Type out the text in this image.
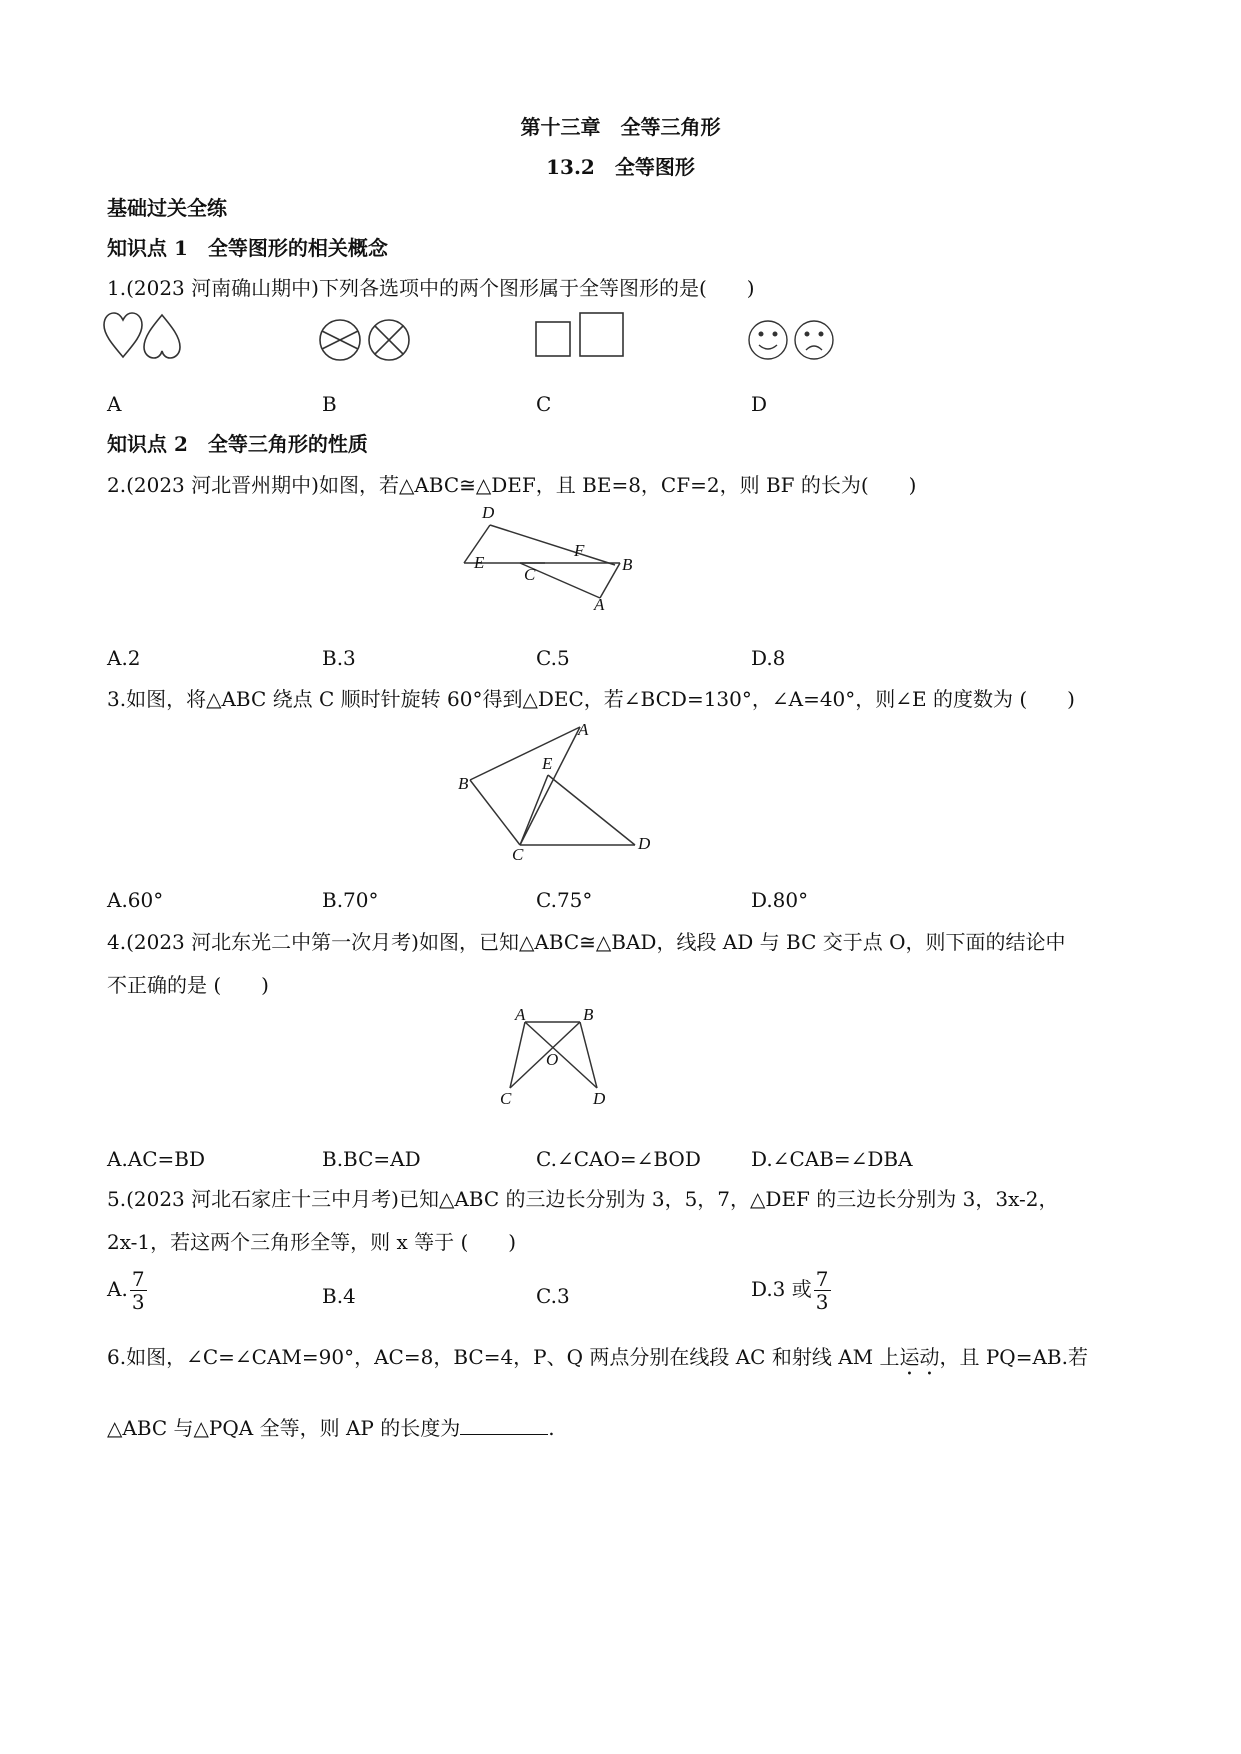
第十三章　全等三角形
13.2　全等图形
基础过关全练
知识点 1　全等图形的相关概念
1.(2023 河南确山期中)下列各选项中的两个图形属于全等图形的是(　　)
A	B	C	D
知识点 2　全等三角形的性质
2.(2023 河北晋州期中)如图，若△ABC≅△DEF，且 BE=8，CF=2，则 BF 的长为(　　)
D
F
E
C
B
A
A.2	B.3	C.5	D.8
3.如图，将△ABC 绕点 C 顺时针旋转 60°得到△DEC，若∠BCD=130°，∠A=40°，则∠E 的度数为 (　　)
A
E
B
C
D
A.60°	B.70°	C.75°	D.80°
4.(2023 河北东光二中第一次月考)如图，已知△ABC≅△BAD，线段 AD 与 BC 交于点 O，则下面的结论中
不正确的是 (　　)
A	B
O
C	D
A.AC=BD	B.BC=AD	C.∠CAO=∠BOD	D.∠CAB=∠DBA
5.(2023 河北石家庄十三中月考)已知△ABC 的三边长分别为 3，5，7，△DEF 的三边长分别为 3，3x-2，
2x-1，若这两个三角形全等，则 x 等于 (　　)
A. $\frac{7}{3}$	B.4	C.3	D.3 或 $\frac{7}{3}$
6.如图，∠C=∠CAM=90°，AC=8，BC=4，P、Q 两点分别在线段 AC 和射线 AM 上运动，且 PQ=AB.若
△ABC 与△PQA 全等，则 AP 的长度为	.
